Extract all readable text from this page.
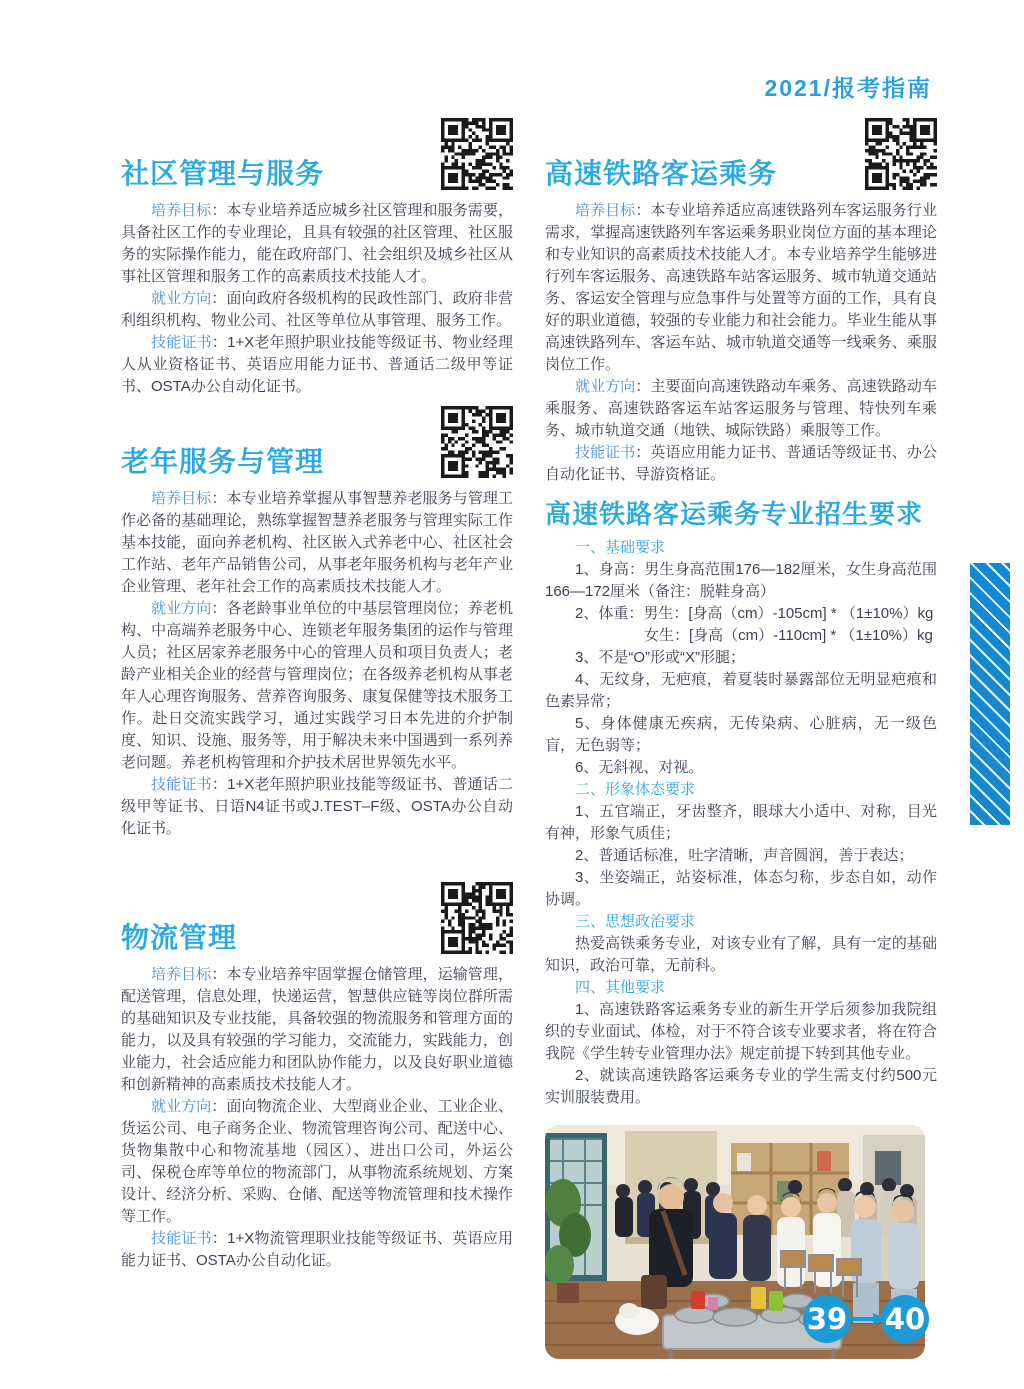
2021/报考指南
社区管理与服务

培养目标：本专业培养适应城乡社区管理和服务需要，具备社区工作的专业理论，且具有较强的社区管理、社区服务的实际操作能力，能在政府部门、社会组织及城乡社区从事社区管理和服务工作的高素质技术技能人才。

就业方向：面向政府各级机构的民政性部门、政府非营利组织机构、物业公司、社区等单位从事管理、服务工作。

技能证书：1+X老年照护职业技能等级证书、物业经理人从业资格证书、英语应用能力证书、普通话二级甲等证书、OSTA办公自动化证书。

老年服务与管理

培养目标：本专业培养掌握从事智慧养老服务与管理工作必备的基础理论，熟练掌握智慧养老服务与管理实际工作基本技能，面向养老机构、社区嵌入式养老中心、社区社会工作站、老年产品销售公司，从事老年服务机构与老年产业企业管理、老年社会工作的高素质技术技能人才。

就业方向：各老龄事业单位的中基层管理岗位；养老机构、中高端养老服务中心、连锁老年服务集团的运作与管理人员；社区居家养老服务中心的管理人员和项目负责人；老龄产业相关企业的经营与管理岗位；在各级养老机构从事老年人心理咨询服务、营养咨询服务、康复保健等技术服务工作。赴日交流实践学习，通过实践学习日本先进的介护制度、知识、设施、服务等，用于解决未来中国遇到一系列养老问题。养老机构管理和介护技术居世界领先水平。

技能证书：1+X老年照护职业技能等级证书、普通话二级甲等证书、日语N4证书或J.TEST–F级、OSTA办公自动化证书。

物流管理

培养目标：本专业培养牢固掌握仓储管理，运输管理，配送管理，信息处理，快递运营，智慧供应链等岗位群所需的基础知识及专业技能，具备较强的物流服务和管理方面的能力，以及具有较强的学习能力，交流能力，实践能力，创业能力，社会适应能力和团队协作能力，以及良好职业道德和创新精神的高素质技术技能人才。

就业方向：面向物流企业、大型商业企业、工业企业、货运公司、电子商务企业、物流管理咨询公司、配送中心、货物集散中心和物流基地（园区）、进出口公司，外运公司、保税仓库等单位的物流部门，从事物流系统规划、方案设计、经济分析、采购、仓储、配送等物流管理和技术操作等工作。

技能证书：1+X物流管理职业技能等级证书、英语应用能力证书、OSTA办公自动化证。

高速铁路客运乘务

培养目标：本专业培养适应高速铁路列车客运服务行业需求，掌握高速铁路列车客运乘务职业岗位方面的基本理论和专业知识的高素质技术技能人才。本专业培养学生能够进行列车客运服务、高速铁路车站客运服务、城市轨道交通站务、客运安全管理与应急事件与处置等方面的工作，具有良好的职业道德，较强的专业能力和社会能力。毕业生能从事高速铁路列车、客运车站、城市轨道交通等一线乘务、乘服岗位工作。

就业方向：主要面向高速铁路动车乘务、高速铁路动车乘服务、高速铁路客运车站客运服务与管理、特快列车乘务、城市轨道交通（地铁、城际铁路）乘服等工作。

技能证书：英语应用能力证书、普通话等级证书、办公自动化证书、导游资格证。

高速铁路客运乘务专业招生要求

一、基础要求

1、身高：男生身高范围176—182厘米，女生身高范围166—172厘米（备注：脱鞋身高）

2、体重：男生：[身高（cm）-105cm] * （1±10%）kg

女生：[身高（cm）-110cm] * （1±10%）kg

3、不是“O”形或“X”形腿；

4、无纹身，无疤痕，着夏装时暴露部位无明显疤痕和色素异常；

5、身体健康无疾病，无传染病、心脏病，无一级色盲，无色弱等；

6、无斜视、对视。

二、形象体态要求

1、五官端正，牙齿整齐，眼球大小适中、对称，目光有神，形象气质佳；

2、普通话标准，吐字清晰，声音圆润，善于表达；

3、坐姿端正，站姿标准，体态匀称，步态自如，动作协调。

三、思想政治要求

热爱高铁乘务专业，对该专业有了解，具有一定的基础知识，政治可靠，无前科。

四、其他要求

1、高速铁路客运乘务专业的新生开学后须参加我院组织的专业面试、体检，对于不符合该专业要求者，将在符合我院《学生转专业管理办法》规定前提下转到其他专业。

2、就读高速铁路客运乘务专业的学生需支付约500元实训服装费用。

39 40
